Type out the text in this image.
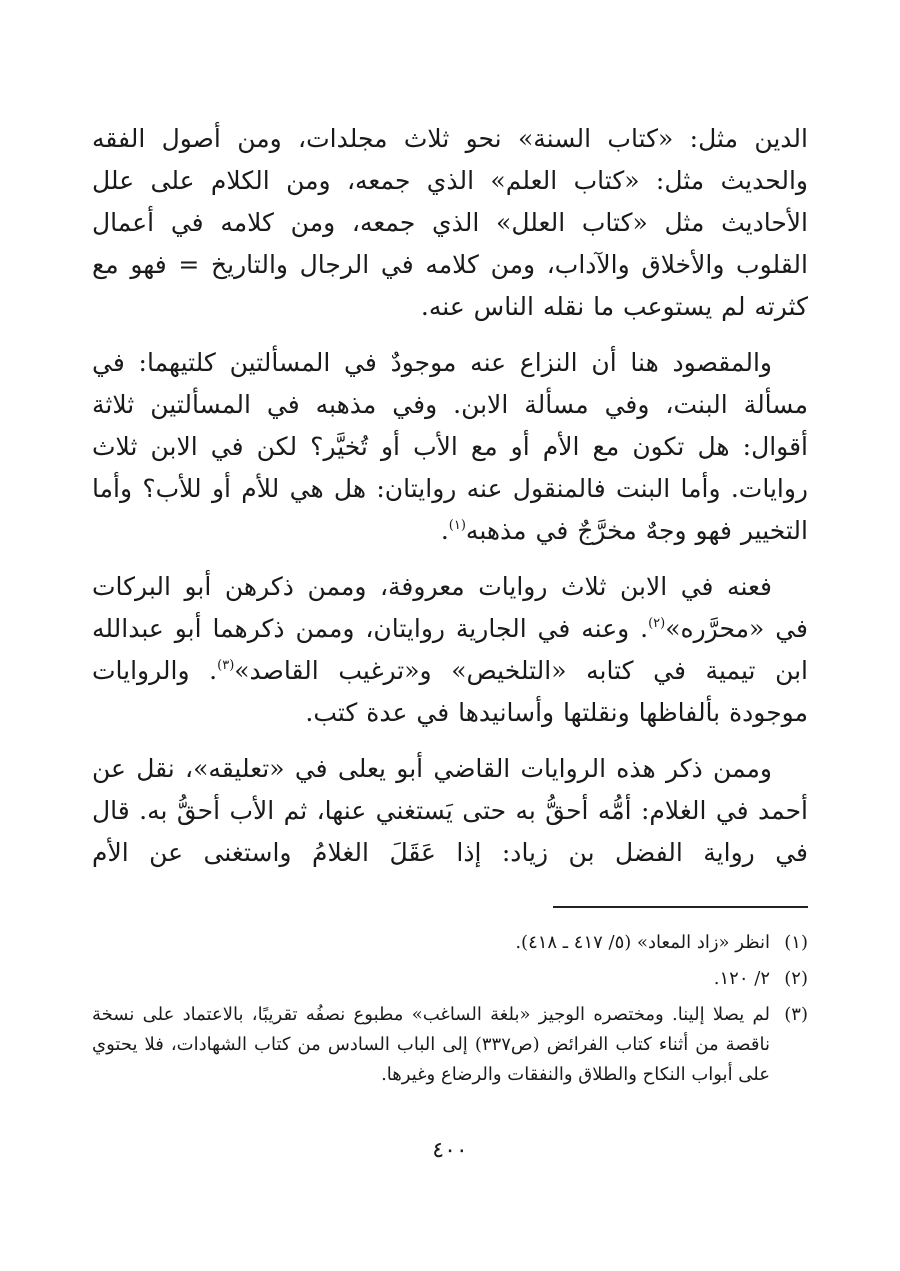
الدين مثل: «كتاب السنة» نحو ثلاث مجلدات، ومن أصول الفقه والحديث مثل: «كتاب العلم» الذي جمعه، ومن الكلام على علل الأحاديث مثل «كتاب العلل» الذي جمعه، ومن كلامه في أعمال القلوب والأخلاق والآداب، ومن كلامه في الرجال والتاريخ = فهو مع كثرته لم يستوعب ما نقله الناس عنه.

والمقصود هنا أن النزاع عنه موجودٌ في المسألتين كلتيهما: في مسألة البنت، وفي مسألة الابن. وفي مذهبه في المسألتين ثلاثة أقوال: هل تكون مع الأم أو مع الأب أو تُخيَّر؟ لكن في الابن ثلاث روايات. وأما البنت فالمنقول عنه روايتان: هل هي للأم أو للأب؟ وأما التخيير فهو وجهٌ مخرَّجٌ في مذهبه$^{(١)}$.

فعنه في الابن ثلاث روايات معروفة، وممن ذكرهن أبو البركات في «محرَّره»$^{(٢)}$. وعنه في الجارية روايتان، وممن ذكرهما أبو عبدالله ابن تيمية في كتابه «التلخيص» و«ترغيب القاصد»$^{(٣)}$. والروايات موجودة بألفاظها ونقلتها وأسانيدها في عدة كتب.

وممن ذكر هذه الروايات القاضي أبو يعلى في «تعليقه»، نقل عن أحمد في الغلام: أمُّه أحقُّ به حتى يَستغني عنها، ثم الأب أحقُّ به. قال في رواية الفضل بن زياد: إذا عَقَلَ الغلامُ واستغنى عن الأم

(١)
انظر «زاد المعاد» (٥/ ٤١٧ ـ ٤١٨).
(٢)
٢/ ١٢٠.
(٣)
لم يصلا إلينا. ومختصره الوجيز «بلغة الساغب» مطبوع نصفُه تقريبًا، بالاعتماد على نسخة ناقصة من أثناء كتاب الفرائض (ص٣٣٧) إلى الباب السادس من كتاب الشهادات، فلا يحتوي على أبواب النكاح والطلاق والنفقات والرضاع وغيرها.
٤٠٠
